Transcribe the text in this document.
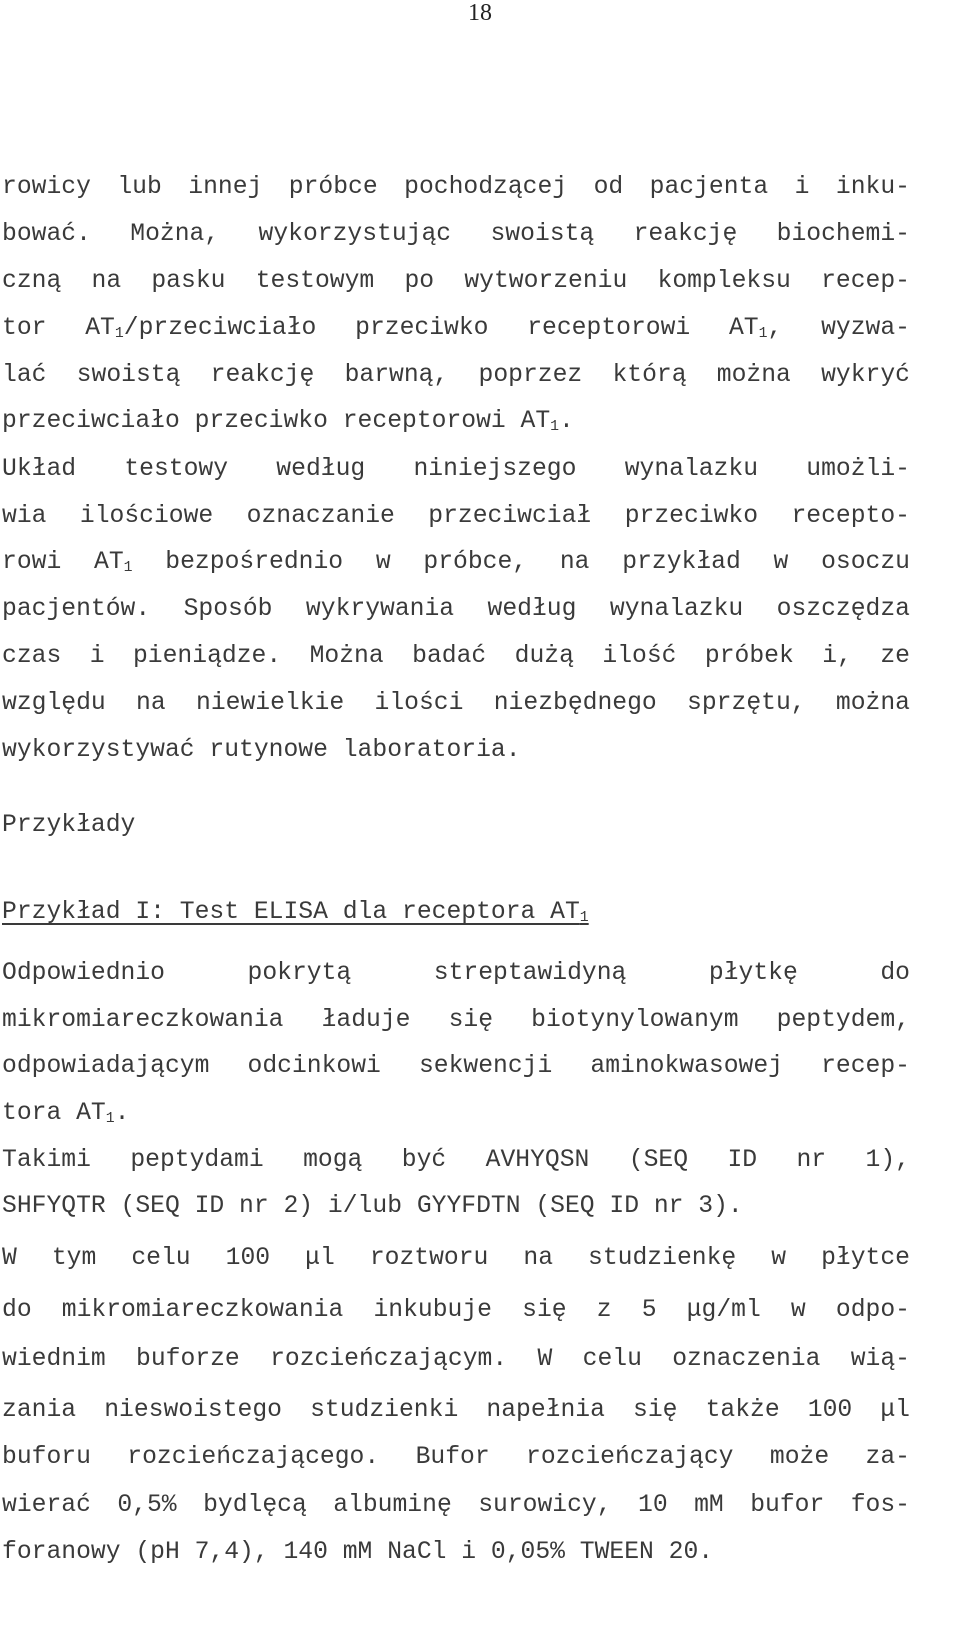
18
rowicy lub innej próbce pochodzącej od pacjenta i inku-
bować. Można, wykorzystując swoistą reakcję biochemi-
czną na pasku testowym po wytworzeniu kompleksu recep-
tor $AT_1$/przeciwciało przeciwko receptorowi $AT_1$, wyzwa-
lać swoistą reakcję barwną, poprzez którą można wykryć
przeciwciało przeciwko receptorowi $AT_1$.
Układ testowy według niniejszego wynalazku umożli-
wia ilościowe oznaczanie przeciwciał przeciwko recepto-
rowi $AT_1$ bezpośrednio w próbce, na przykład w osoczu
pacjentów. Sposób wykrywania według wynalazku oszczędza
czas i pieniądze. Można badać dużą ilość próbek i, ze
względu na niewielkie ilości niezbędnego sprzętu, można
wykorzystywać rutynowe laboratoria.
Przykłady
Przykład I: Test ELISA dla receptora $AT_1$
Odpowiednio pokrytą streptawidyną płytkę do
mikromiareczkowania ładuje się biotynylowanym peptydem,
odpowiadającym odcinkowi sekwencji aminokwasowej recep-
tora $AT_1$.
Takimi peptydami mogą być AVHYQSN (SEQ ID nr 1),
SHFYQTR (SEQ ID nr 2) i/lub GYYFDTN (SEQ ID nr 3).
W tym celu 100 μl roztworu na studzienkę w płytce
do mikromiareczkowania inkubuje się z 5 μg/ml w odpo-
wiednim buforze rozcieńczającym. W celu oznaczenia wią-
zania nieswoistego studzienki napełnia się także 100 μl
buforu rozcieńczającego. Bufor rozcieńczający może za-
wierać 0,5% bydlęcą albuminę surowicy, 10 mM bufor fos-
foranowy (pH 7,4), 140 mM NaCl i 0,05% TWEEN 20.
